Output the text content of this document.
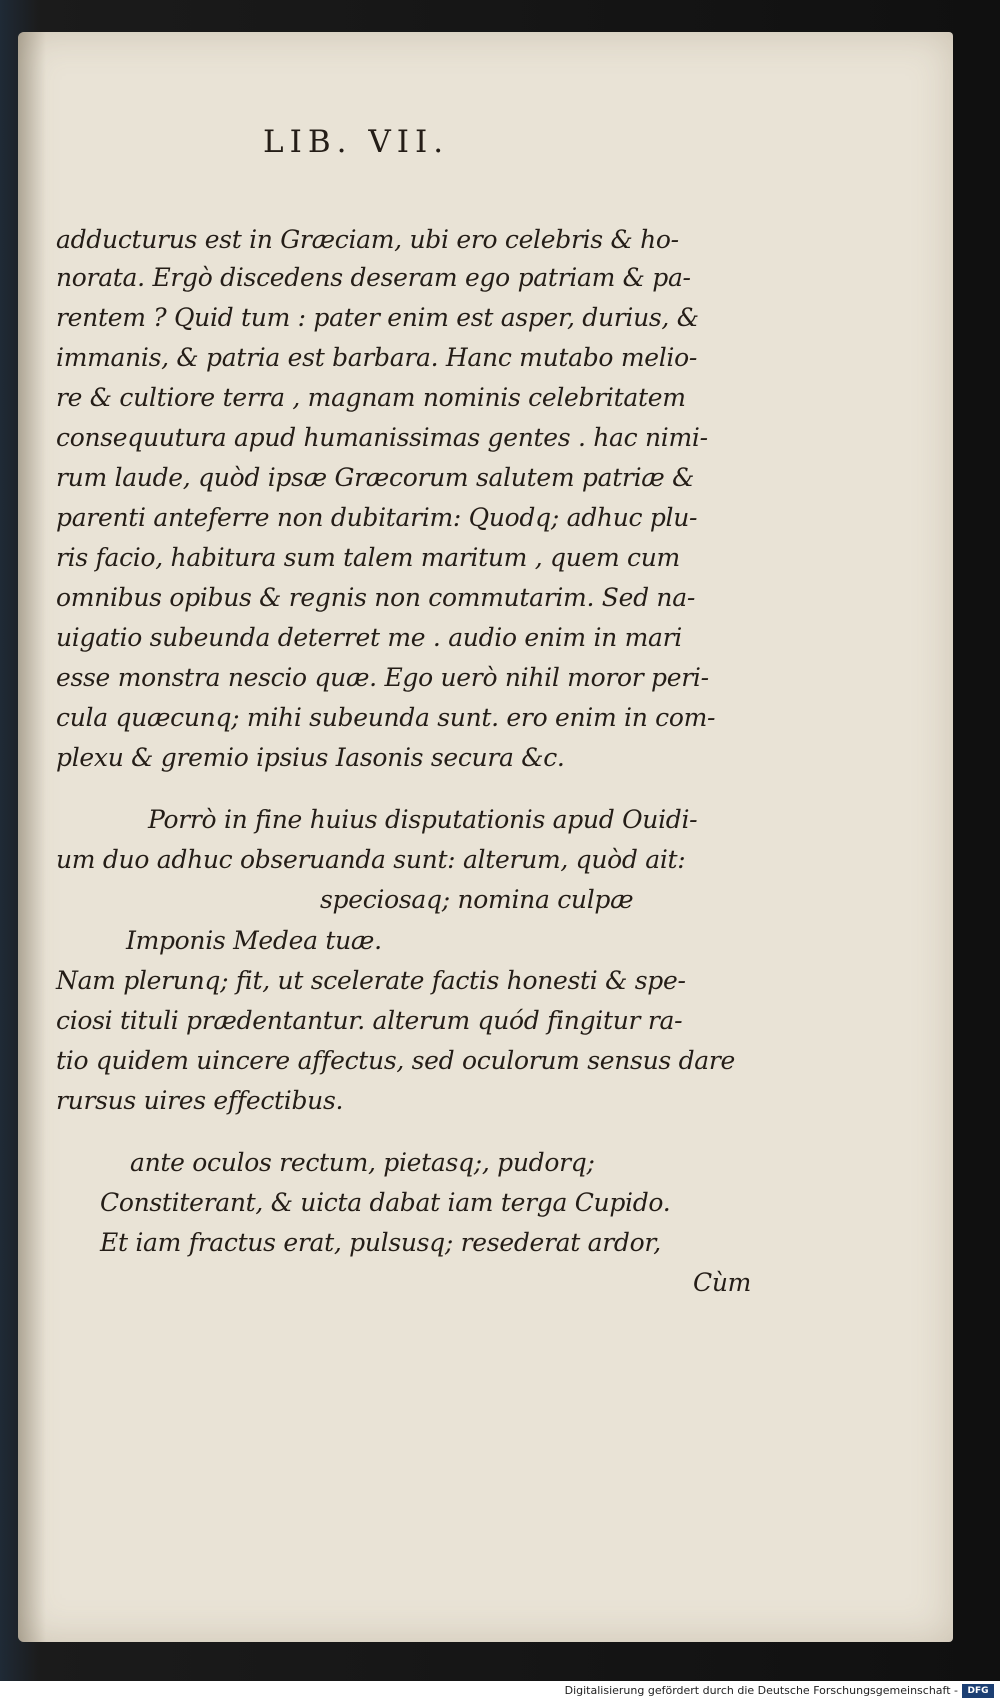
LIB. VII.
adducturus est in Græciam, ubi ero celebris & ho-
norata. Ergò discedens deseram ego patriam & pa-
rentem ? Quid tum : pater enim est asper, durius, &
immanis, & patria est barbara. Hanc mutabo melio-
re & cultiore terra , magnam nominis celebritatem
consequutura apud humanissimas gentes . hac nimi-
rum laude, quòd ipsæ Græcorum salutem patriæ &
parenti anteferre non dubitarim: Quodq; adhuc plu-
ris facio, habitura sum talem maritum , quem cum
omnibus opibus & regnis non commutarim. Sed na-
uigatio subeunda deterret me . audio enim in mari
esse monstra nescio quæ. Ego uerò nihil moror peri-
cula quæcunq; mihi subeunda sunt. ero enim in com-
plexu & gremio ipsius Iasonis secura &c.
Porrò in fine huius disputationis apud Ouidi-
um duo adhuc obseruanda sunt: alterum, quòd ait:
speciosaq; nomina culpæ
Imponis Medea tuæ.
Nam plerunq; fit, ut scelerate factis honesti & spe-
ciosi tituli prædentantur. alterum quód fingitur ra-
tio quidem uincere affectus, sed oculorum sensus dare
rursus uires effectibus.
ante oculos rectum, pietasq;, pudorq;
Constiterant, & uicta dabat iam terga Cupido.
Et iam fractus erat, pulsusq; resederat ardor,
Cùm
Digitalisierung gefördert durch die Deutsche Forschungsgemeinschaft -	DFG
